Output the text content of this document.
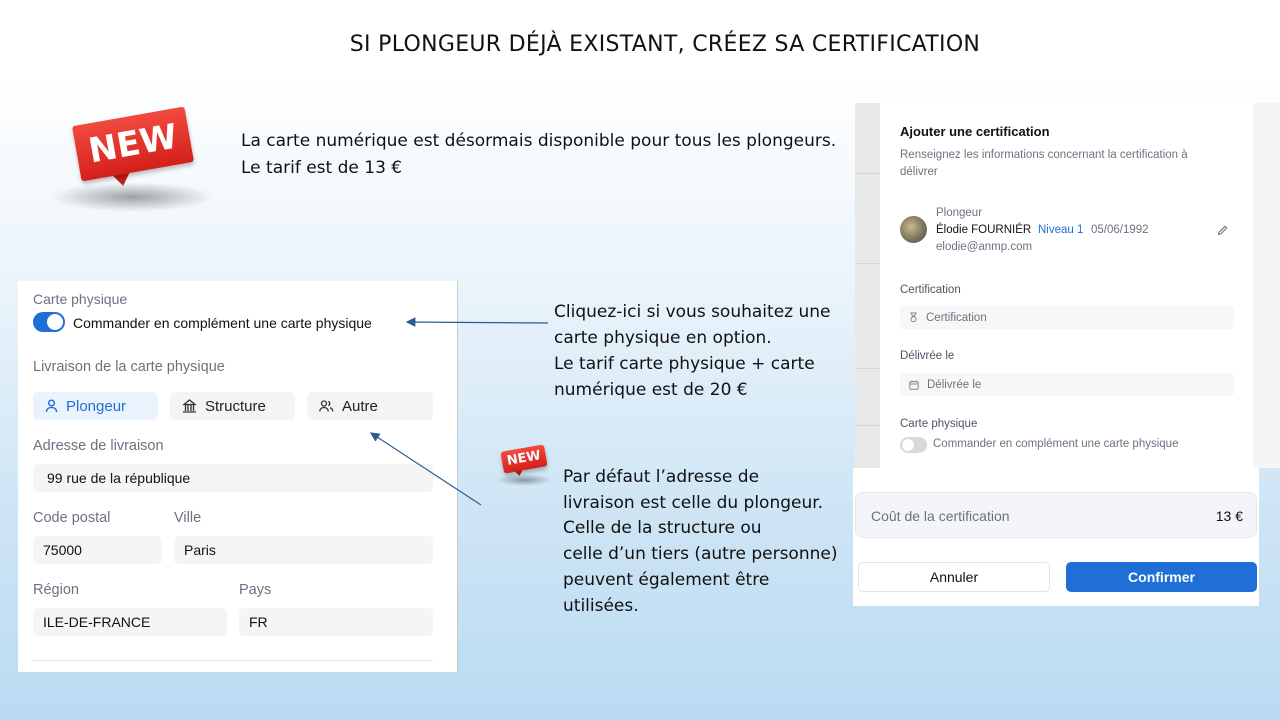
SI PLONGEUR DÉJÀ EXISTANT, CRÉEZ SA CERTIFICATION
NEW	La carte numérique est désormais disponible pour tous les plongeurs.
Le tarif est de 13 €
Carte physique
Commander en complément une carte physique
Livraison de la carte physique
Plongeur	Structure	Autre
Adresse de livraison
99 rue de la république
Code postal	Ville
75000	Paris
Région	Pays
ILE-DE-FRANCE	FR
Cliquez-ici si vous souhaitez une
carte physique en option.
Le tarif carte physique + carte
numérique est de 20 €
NEW
Par défaut l’adresse de
livraison est celle du plongeur.
Celle de la structure ou
celle d’un tiers (autre personne)
peuvent également être
utilisées.
Ajouter une certification
Renseignez les informations concernant la certification à délivrer
Plongeur
Élodie FOURNIÉR Niveau 1 05/06/1992
elodie@anmp.com
Certification
Certification
Délivrée le
Délivrée le
Carte physique
Commander en complément une carte physique
Coût de la certification	13 €
Annuler	Confirmer
